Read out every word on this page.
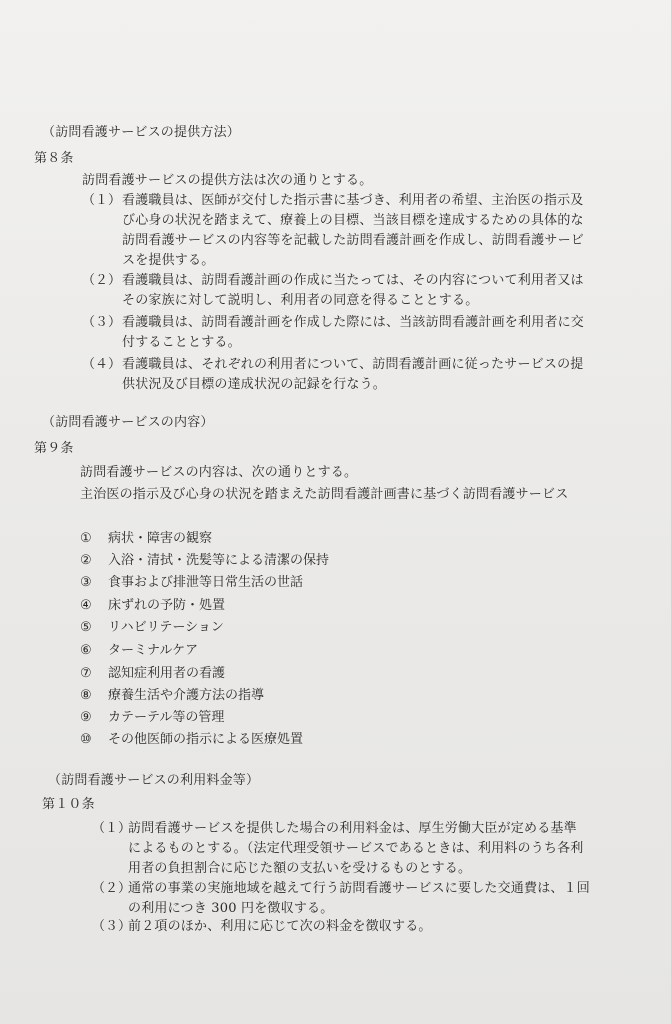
（訪問看護サービスの提供方法）
第８条
訪問看護サービスの提供方法は次の通りとする。
（１） 看護職員は、医師が交付した指示書に基づき、利用者の希望、主治医の指示及
び心身の状況を踏まえて、療養上の目標、当該目標を達成するための具体的な
訪問看護サービスの内容等を記載した訪問看護計画を作成し、訪問看護サービ
スを提供する。
（２） 看護職員は、訪問看護計画の作成に当たっては、その内容について利用者又は
その家族に対して説明し、利用者の同意を得ることとする。
（３） 看護職員は、訪問看護計画を作成した際には、当該訪問看護計画を利用者に交
付することとする。
（４） 看護職員は、それぞれの利用者について、訪問看護計画に従ったサービスの提
供状況及び目標の達成状況の記録を行なう。
（訪問看護サービスの内容）
第９条
訪問看護サービスの内容は、次の通りとする。
主治医の指示及び心身の状況を踏まえた訪問看護計画書に基づく訪問看護サービス
① 病状・障害の観察
② 入浴・清拭・洗髪等による清潔の保持
③ 食事および排泄等日常生活の世話
④ 床ずれの予防・処置
⑤ リハビリテーション
⑥ ターミナルケア
⑦ 認知症利用者の看護
⑧ 療養生活や介護方法の指導
⑨ カテーテル等の管理
⑩ その他医師の指示による医療処置
（訪問看護サービスの利用料金等）
第１０条
（１）
訪問看護サービスを提供した場合の利用料金は、厚生労働大臣が定める基準
によるものとする。（法定代理受領サービスであるときは、利用料のうち各利
用者の負担割合に応じた額の支払いを受けるものとする。
（２）
通常の事業の実施地域を越えて行う訪問看護サービスに要した交通費は、１回
の利用につき 300 円を徴収する。
（３）
前２項のほか、利用に応じて次の料金を徴収する。
